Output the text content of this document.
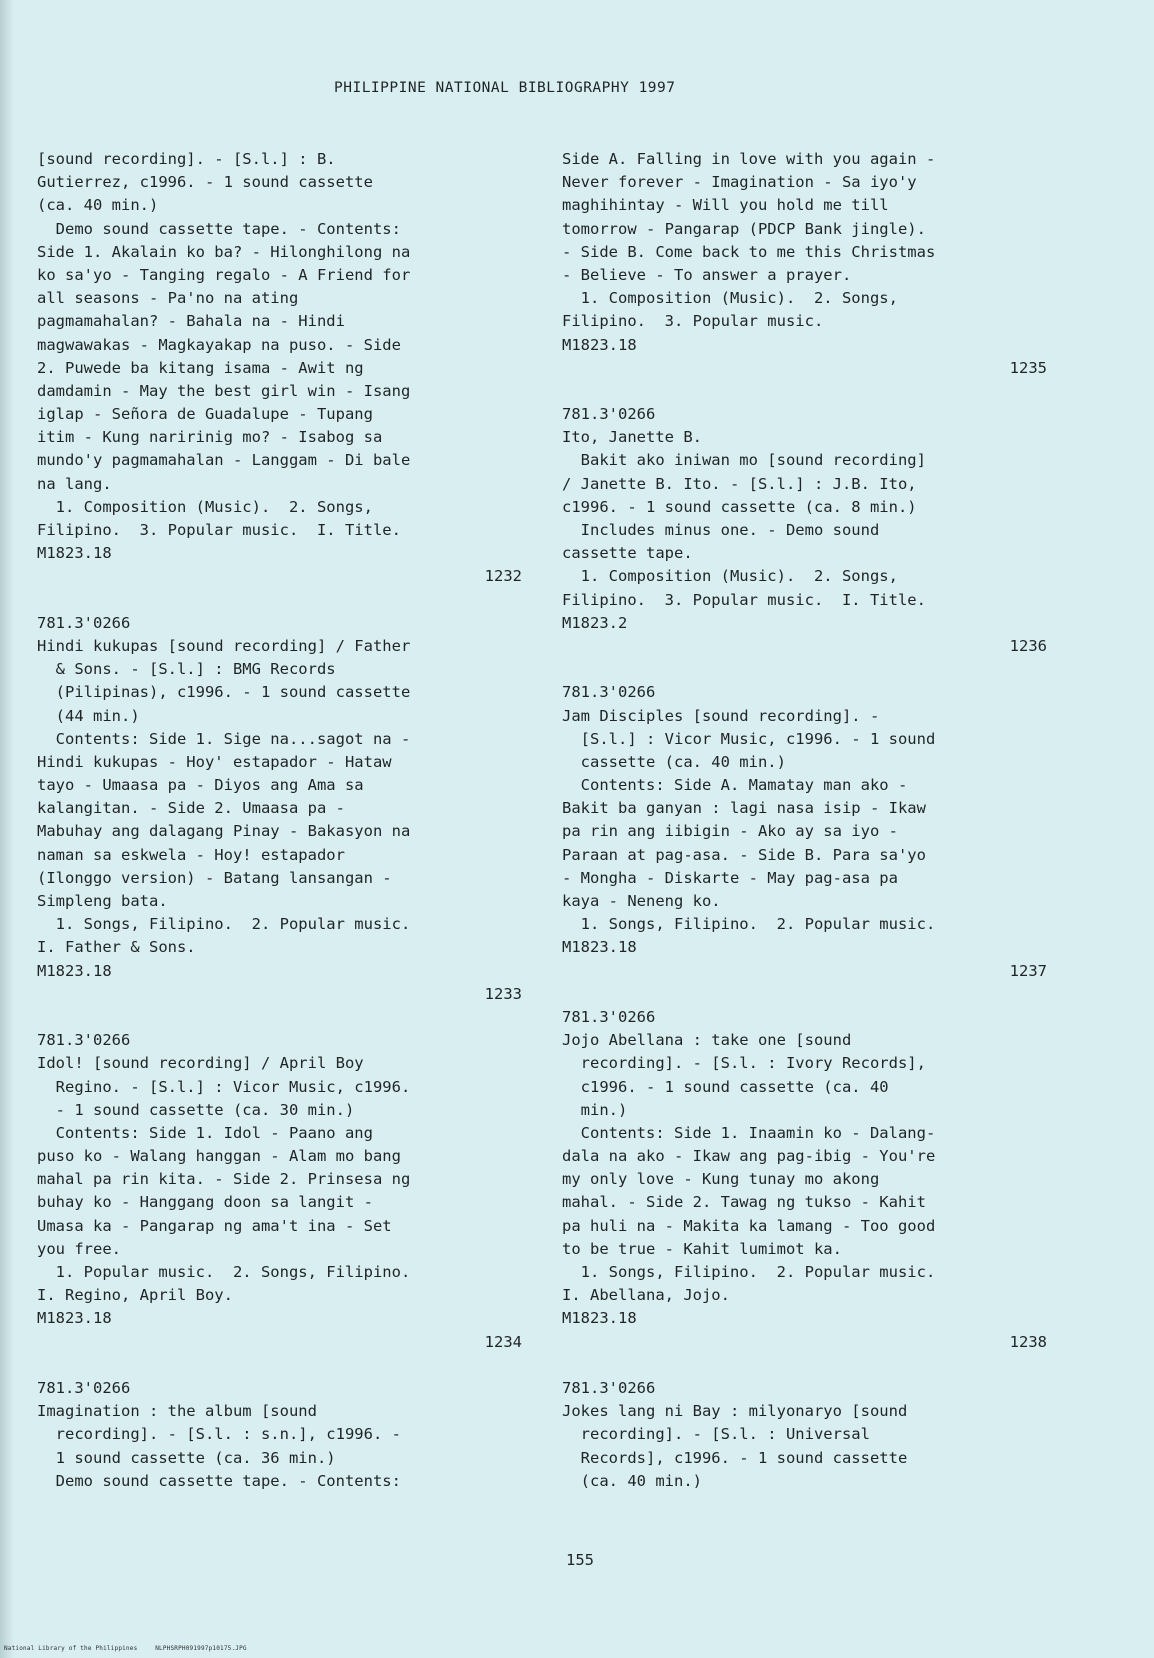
PHILIPPINE NATIONAL BIBLIOGRAPHY 1997
[sound recording]. - [S.l.] : B.
Gutierrez, c1996. - 1 sound cassette
(ca. 40 min.)
Demo sound cassette tape. - Contents:
Side 1. Akalain ko ba? - Hilonghilong na
ko sa'yo - Tanging regalo - A Friend for
all seasons - Pa'no na ating
pagmamahalan? - Bahala na - Hindi
magwawakas - Magkayakap na puso. - Side
2. Puwede ba kitang isama - Awit ng
damdamin - May the best girl win - Isang
iglap - Señora de Guadalupe - Tupang
itim - Kung naririnig mo? - Isabog sa
mundo'y pagmamahalan - Langgam - Di bale
na lang.
1. Composition (Music).  2. Songs,
Filipino.  3. Popular music.  I. Title.
M1823.18
1232
781.3'0266
Hindi kukupas [sound recording] / Father
& Sons. - [S.l.] : BMG Records
(Pilipinas), c1996. - 1 sound cassette
(44 min.)
Contents: Side 1. Sige na...sagot na -
Hindi kukupas - Hoy' estapador - Hataw
tayo - Umaasa pa - Diyos ang Ama sa
kalangitan. - Side 2. Umaasa pa -
Mabuhay ang dalagang Pinay - Bakasyon na
naman sa eskwela - Hoy! estapador
(Ilonggo version) - Batang lansangan -
Simpleng bata.
1. Songs, Filipino.  2. Popular music.
I. Father & Sons.
M1823.18
1233
781.3'0266
Idol! [sound recording] / April Boy
Regino. - [S.l.] : Vicor Music, c1996.
- 1 sound cassette (ca. 30 min.)
Contents: Side 1. Idol - Paano ang
puso ko - Walang hanggan - Alam mo bang
mahal pa rin kita. - Side 2. Prinsesa ng
buhay ko - Hanggang doon sa langit -
Umasa ka - Pangarap ng ama't ina - Set
you free.
1. Popular music.  2. Songs, Filipino.
I. Regino, April Boy.
M1823.18
1234
781.3'0266
Imagination : the album [sound
recording]. - [S.l. : s.n.], c1996. -
1 sound cassette (ca. 36 min.)
Demo sound cassette tape. - Contents:
Side A. Falling in love with you again -
Never forever - Imagination - Sa iyo'y
maghihintay - Will you hold me till
tomorrow - Pangarap (PDCP Bank jingle).
- Side B. Come back to me this Christmas
- Believe - To answer a prayer.
1. Composition (Music).  2. Songs,
Filipino.  3. Popular music.
M1823.18
1235
781.3'0266
Ito, Janette B.
Bakit ako iniwan mo [sound recording]
/ Janette B. Ito. - [S.l.] : J.B. Ito,
c1996. - 1 sound cassette (ca. 8 min.)
Includes minus one. - Demo sound
cassette tape.
1. Composition (Music).  2. Songs,
Filipino.  3. Popular music.  I. Title.
M1823.2
1236
781.3'0266
Jam Disciples [sound recording]. -
[S.l.] : Vicor Music, c1996. - 1 sound
cassette (ca. 40 min.)
Contents: Side A. Mamatay man ako -
Bakit ba ganyan : lagi nasa isip - Ikaw
pa rin ang iibigin - Ako ay sa iyo -
Paraan at pag-asa. - Side B. Para sa'yo
- Mongha - Diskarte - May pag-asa pa
kaya - Neneng ko.
1. Songs, Filipino.  2. Popular music.
M1823.18
1237
781.3'0266
Jojo Abellana : take one [sound
recording]. - [S.l. : Ivory Records],
c1996. - 1 sound cassette (ca. 40
min.)
Contents: Side 1. Inaamin ko - Dalang-
dala na ako - Ikaw ang pag-ibig - You're
my only love - Kung tunay mo akong
mahal. - Side 2. Tawag ng tukso - Kahit
pa huli na - Makita ka lamang - Too good
to be true - Kahit lumimot ka.
1. Songs, Filipino.  2. Popular music.
I. Abellana, Jojo.
M1823.18
1238
781.3'0266
Jokes lang ni Bay : milyonaryo [sound
recording]. - [S.l. : Universal
Records], c1996. - 1 sound cassette
(ca. 40 min.)
155
National Library of the Philippines	NLPHSRPH091997p10175.JPG
